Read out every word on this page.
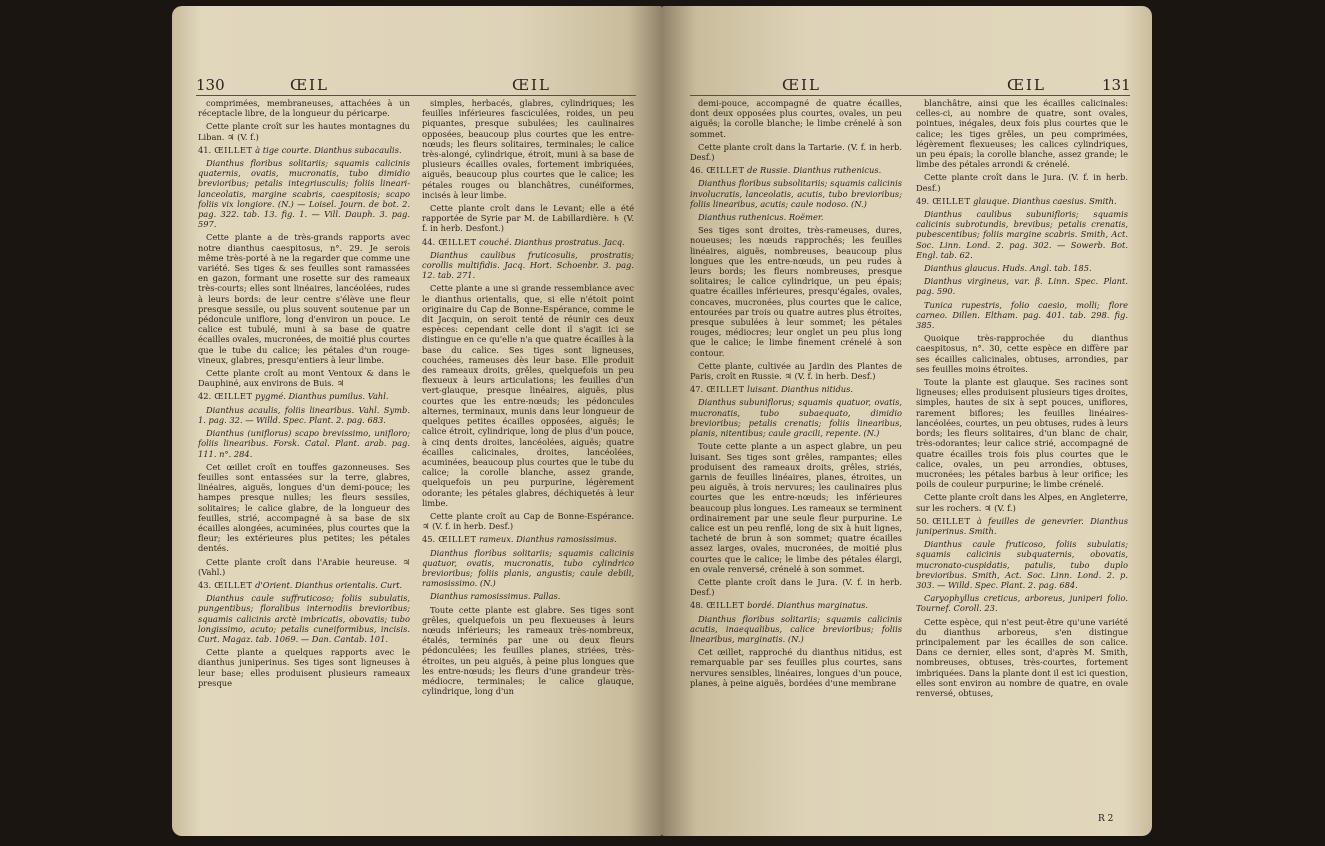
130	ŒIL	ŒIL

comprimées, membraneuses, attachées à un réceptacle libre, de la longueur du péricarpe.

Cette plante croît sur les hautes montagnes du Liban. ♃ (V. f.)

41. ŒILLET à tige courte. Dianthus subacaulis.

Dianthus floribus solitariis; squamis calicinis quaternis, ovatis, mucronatis, tubo dimidio brevioribus; petalis integriusculis; foliis lineari-lanceolatis, margine scabris, caespitosis; scapo foliis vix longiore. (N.) — Loisel. Journ. de bot. 2. pag. 322. tab. 13. fig. 1. — Vill. Dauph. 3. pag. 597.

Cette plante a de très-grands rapports avec notre dianthus caespitosus, n°. 29. Je serois même très-porté à ne la regarder que comme une variété. Ses tiges & ses feuilles sont ramassées en gazon, formant une rosette sur des rameaux très-courts; elles sont linéaires, lancéolées, rudes à leurs bords: de leur centre s'élève une fleur presque sessile, ou plus souvent soutenue par un pédoncule uniflore, long d'environ un pouce. Le calice est tubulé, muni à sa base de quatre écailles ovales, mucronées, de moitié plus courtes que le tube du calice; les pétales d'un rouge-vineux, glabres, presqu'entiers à leur limbe.

Cette plante croît au mont Ventoux & dans le Dauphiné, aux environs de Buis. ♃

42. ŒILLET pygmé. Dianthus pumilus. Vahl.

Dianthus acaulis, foliis linearibus. Vahl. Symb. 1. pag. 32. — Willd. Spec. Plant. 2. pag. 683.

Dianthus (uniflorus) scapo brevissimo, unifloro; foliis linearibus. Forsk. Catal. Plant. arab. pag. 111. n°. 284.

Cet œillet croît en touffes gazonneuses. Ses feuilles sont entassées sur la terre, glabres, linéaires, aiguës, longues d'un demi-pouce; les hampes presque nulles; les fleurs sessiles, solitaires; le calice glabre, de la longueur des feuilles, strié, accompagné à sa base de six écailles alongées, acuminées, plus courtes que la fleur; les extérieures plus petites; les pétales dentés.

Cette plante croît dans l'Arabie heureuse. ♃ (Vahl.)

43. ŒILLET d'Orient. Dianthus orientalis. Curt.

Dianthus caule suffruticoso; foliis subulatis, pungentibus; floralibus internodiis brevioribus; squamis calicinis arctè imbricatis, obovatis; tubo longissimo, acuto; petalis cuneiformibus, incisis. Curt. Magaz. tab. 1069. — Dan. Cantab. 101.

Cette plante a quelques rapports avec le dianthus juniperinus. Ses tiges sont ligneuses à leur base; elles produisent plusieurs rameaux presque

simples, herbacés, glabres, cylindriques; les feuilles inférieures fasciculées, roides, un peu piquantes, presque subulées; les caulinaires opposées, beaucoup plus courtes que les entre-nœuds; les fleurs solitaires, terminales; le calice très-alongé, cylindrique, étroit, muni à sa base de plusieurs écailles ovales, fortement imbriquées, aiguës, beaucoup plus courtes que le calice; les pétales rouges ou blanchâtres, cunéiformes, incisés à leur limbe.

Cette plante croît dans le Levant; elle a été rapportée de Syrie par M. de Labillardière. ♄ (V. f. in herb. Desfont.)

44. ŒILLET couché. Dianthus prostratus. Jacq.

Dianthus caulibus fruticosulis, prostratis; corollis multifidis. Jacq. Hort. Schoenbr. 3. pag. 12. tab. 271.

Cette plante a une si grande ressemblance avec le dianthus orientalis, que, si elle n'étoit point originaire du Cap de Bonne-Espérance, comme le dit Jacquin, on seroit tenté de réunir ces deux espèces: cependant celle dont il s'agit ici se distingue en ce qu'elle n'a que quatre écailles à la base du calice. Ses tiges sont ligneuses, couchées, rameuses dès leur base. Elle produit des rameaux droits, grêles, quelquefois un peu flexueux à leurs articulations; les feuilles d'un vert-glauque, presque linéaires, aiguës, plus courtes que les entre-nœuds; les pédoncules alternes, terminaux, munis dans leur longueur de quelques petites écailles opposées, aiguës; le calice étroit, cylindrique, long de plus d'un pouce, à cinq dents droites, lancéolées, aiguës; quatre écailles calicinales, droites, lancéolées, acuminées, beaucoup plus courtes que le tube du calice; la corolle blanche, assez grande, quelquefois un peu purpurine, légèrement odorante; les pétales glabres, déchiquetés à leur limbe.

Cette plante croît au Cap de Bonne-Espérance. ♃ (V. f. in herb. Desf.)

45. ŒILLET rameux. Dianthus ramosissimus.

Dianthus floribus solitariis; squamis calicinis quatuor, ovatis, mucronatis, tubo cylindrico brevioribus; foliis planis, angustis; caule debili, ramosissimo. (N.)

Dianthus ramosissimus. Pallas.

Toute cette plante est glabre. Ses tiges sont grêles, quelquefois un peu flexueuses à leurs nœuds inférieurs; les rameaux très-nombreux, étalés, terminés par une ou deux fleurs pédonculées; les feuilles planes, striées, très-étroites, un peu aiguës, à peine plus longues que les entre-nœuds; les fleurs d'une grandeur très-médiocre, terminales; le calice glauque, cylindrique, long d'un

ŒIL	ŒIL	131

demi-pouce, accompagné de quatre écailles, dont deux opposées plus courtes, ovales, un peu aiguës; la corolle blanche; le limbe crénelé à son sommet.

Cette plante croît dans la Tartarie. (V. f. in herb. Desf.)

46. ŒILLET de Russie. Dianthus ruthenicus.

Dianthus floribus subsolitariis; squamis calicinis involucratis, lanceolatis, acutis, tubo brevioribus; foliis linearibus, acutis; caule nodoso. (N.)

Dianthus ruthenicus. Roëmer.

Ses tiges sont droites, très-rameuses, dures, noueuses; les nœuds rapprochés; les feuilles linéaires, aiguës, nombreuses, beaucoup plus longues que les entre-nœuds, un peu rudes à leurs bords; les fleurs nombreuses, presque solitaires; le calice cylindrique, un peu épais; quatre écailles inférieures, presqu'égales, ovales, concaves, mucronées, plus courtes que le calice, entourées par trois ou quatre autres plus étroites, presque subulées à leur sommet; les pétales rouges, médiocres; leur onglet un peu plus long que le calice; le limbe finement crénelé à son contour.

Cette plante, cultivée au Jardin des Plantes de Paris, croît en Russie. ♃ (V. f. in herb. Desf.)

47. ŒILLET luisant. Dianthus nitidus.

Dianthus subuniflorus; squamis quatuor, ovatis, mucronatis, tubo subaequato, dimidio brevioribus; petalis crenatis; foliis linearibus, planis, nitentibus; caule gracili, repente. (N.)

Toute cette plante a un aspect glabre, un peu luisant. Ses tiges sont grêles, rampantes; elles produisent des rameaux droits, grêles, striés, garnis de feuilles linéaires, planes, étroites, un peu aiguës, à trois nervures; les caulinaires plus courtes que les entre-nœuds; les inférieures beaucoup plus longues. Les rameaux se terminent ordinairement par une seule fleur purpurine. Le calice est un peu renflé, long de six à huit lignes, tacheté de brun à son sommet; quatre écailles assez larges, ovales, mucronées, de moitié plus courtes que le calice; le limbe des pétales élargi, en ovale renversé, crénelé à son sommet.

Cette plante croît dans le Jura. (V. f. in herb. Desf.)

48. ŒILLET bordé. Dianthus marginatus.

Dianthus floribus solitariis; squamis calicinis acutis, inaequalibus, calice brevioribus; foliis linearibus, marginatis. (N.)

Cet œillet, rapproché du dianthus nitidus, est remarquable par ses feuilles plus courtes, sans nervures sensibles, linéaires, longues d'un pouce, planes, à peine aiguës, bordées d'une membrane

blanchâtre, ainsi que les écailles calicinales: celles-ci, au nombre de quatre, sont ovales, pointues, inégales, deux fois plus courtes que le calice; les tiges grêles, un peu comprimées, légèrement flexueuses; les calices cylindriques, un peu épais; la corolle blanche, assez grande; le limbe des pétales arrondi & crénelé.

Cette plante croît dans le Jura. (V. f. in herb. Desf.)

49. ŒILLET glauque. Dianthus caesius. Smith.

Dianthus caulibus subunifloris; squamis calicinis subrotundis, brevibus; petalis crenatis, pubescentibus; foliis margine scabris. Smith, Act. Soc. Linn. Lond. 2. pag. 302. — Sowerb. Bot. Engl. tab. 62.

Dianthus glaucus. Huds. Angl. tab. 185.

Dianthus virgineus, var. β. Linn. Spec. Plant. pag. 590.

Tunica rupestris, folio caesio, molli; flore carneo. Dillen. Eltham. pag. 401. tab. 298. fig. 385.

Quoique très-rapprochée du dianthus caespitosus, n°. 30, cette espèce en diffère par ses écailles calicinales, obtuses, arrondies, par ses feuilles moins étroites.

Toute la plante est glauque. Ses racines sont ligneuses; elles produisent plusieurs tiges droites, simples, hautes de six à sept pouces, uniflores, rarement biflores; les feuilles linéaires-lancéolées, courtes, un peu obtuses, rudes à leurs bords; les fleurs solitaires, d'un blanc de chair, très-odorantes; leur calice strié, accompagné de quatre écailles trois fois plus courtes que le calice, ovales, un peu arrondies, obtuses, mucronées; les pétales barbus à leur orifice; les poils de couleur purpurine; le limbe crénelé.

Cette plante croît dans les Alpes, en Angleterre, sur les rochers. ♃ (V. f.)

50. ŒILLET à feuilles de genevrier. Dianthus juniperinus. Smith.

Dianthus caule fruticoso, foliis subulatis; squamis calicinis subquaternis, obovatis, mucronato-cuspidatis, patulis, tubo duplo brevioribus. Smith, Act. Soc. Linn. Lond. 2. p. 303. — Willd. Spec. Plant. 2. pag. 684.

Caryophyllus creticus, arboreus, juniperi folio. Tournef. Coroll. 23.

Cette espèce, qui n'est peut-être qu'une variété du dianthus arboreus, s'en distingue principalement par les écailles de son calice. Dans ce dernier, elles sont, d'après M. Smith, nombreuses, obtuses, très-courtes, fortement imbriquées. Dans la plante dont il est ici question, elles sont environ au nombre de quatre, en ovale renversé, obtuses,

R 2
